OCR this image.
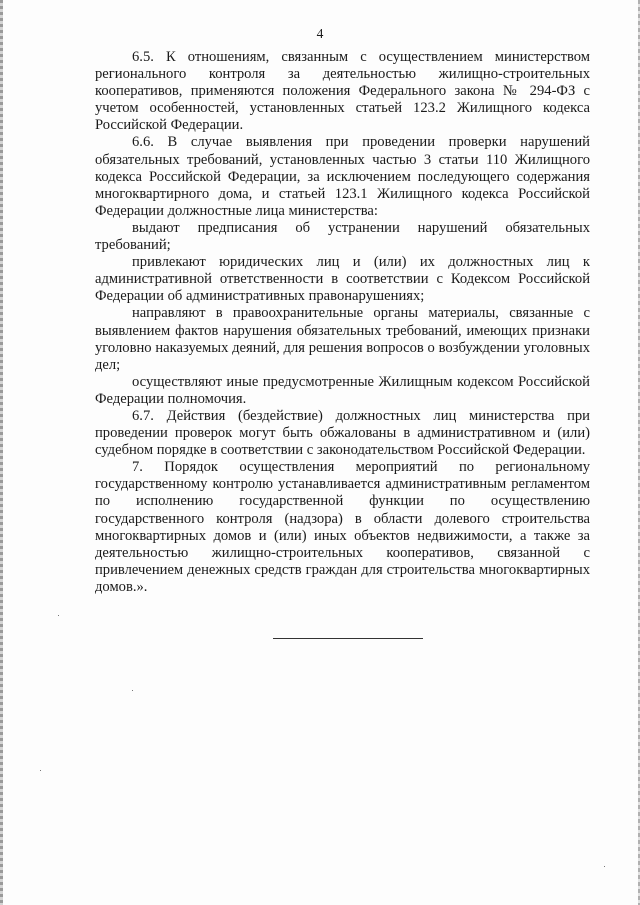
4

6.5. К отношениям, связанным с осуществлением министерством регионального контроля за деятельностью жилищно-строительных кооперативов, применяются положения Федерального закона № 294-ФЗ с учетом особенностей, установленных статьей 123.2 Жилищного кодекса Российской Федерации.

6.6. В случае выявления при проведении проверки нарушений обязательных требований, установленных частью 3 статьи 110 Жилищного кодекса Российской Федерации, за исключением последующего содержания многоквартирного дома, и статьей 123.1 Жилищного кодекса Российской Федерации должностные лица министерства:

выдают предписания об устранении нарушений обязательных требований;

привлекают юридических лиц и (или) их должностных лиц к административной ответственности в соответствии с Кодексом Российской Федерации об административных правонарушениях;

направляют в правоохранительные органы материалы, связанные с выявлением фактов нарушения обязательных требований, имеющих признаки уголовно наказуемых деяний, для решения вопросов о возбуждении уголовных дел;

осуществляют иные предусмотренные Жилищным кодексом Российской Федерации полномочия.

6.7. Действия (бездействие) должностных лиц министерства при проведении проверок могут быть обжалованы в административном и (или) судебном порядке в соответствии с законодательством Российской Федерации.

7. Порядок осуществления мероприятий по региональному государственному контролю устанавливается административным регламентом по исполнению государственной функции по осуществлению государственного контроля (надзора) в области долевого строительства многоквартирных домов и (или) иных объектов недвижимости, а также за деятельностью жилищно-строительных кооперативов, связанной с привлечением денежных средств граждан для строительства многоквартирных домов.».
